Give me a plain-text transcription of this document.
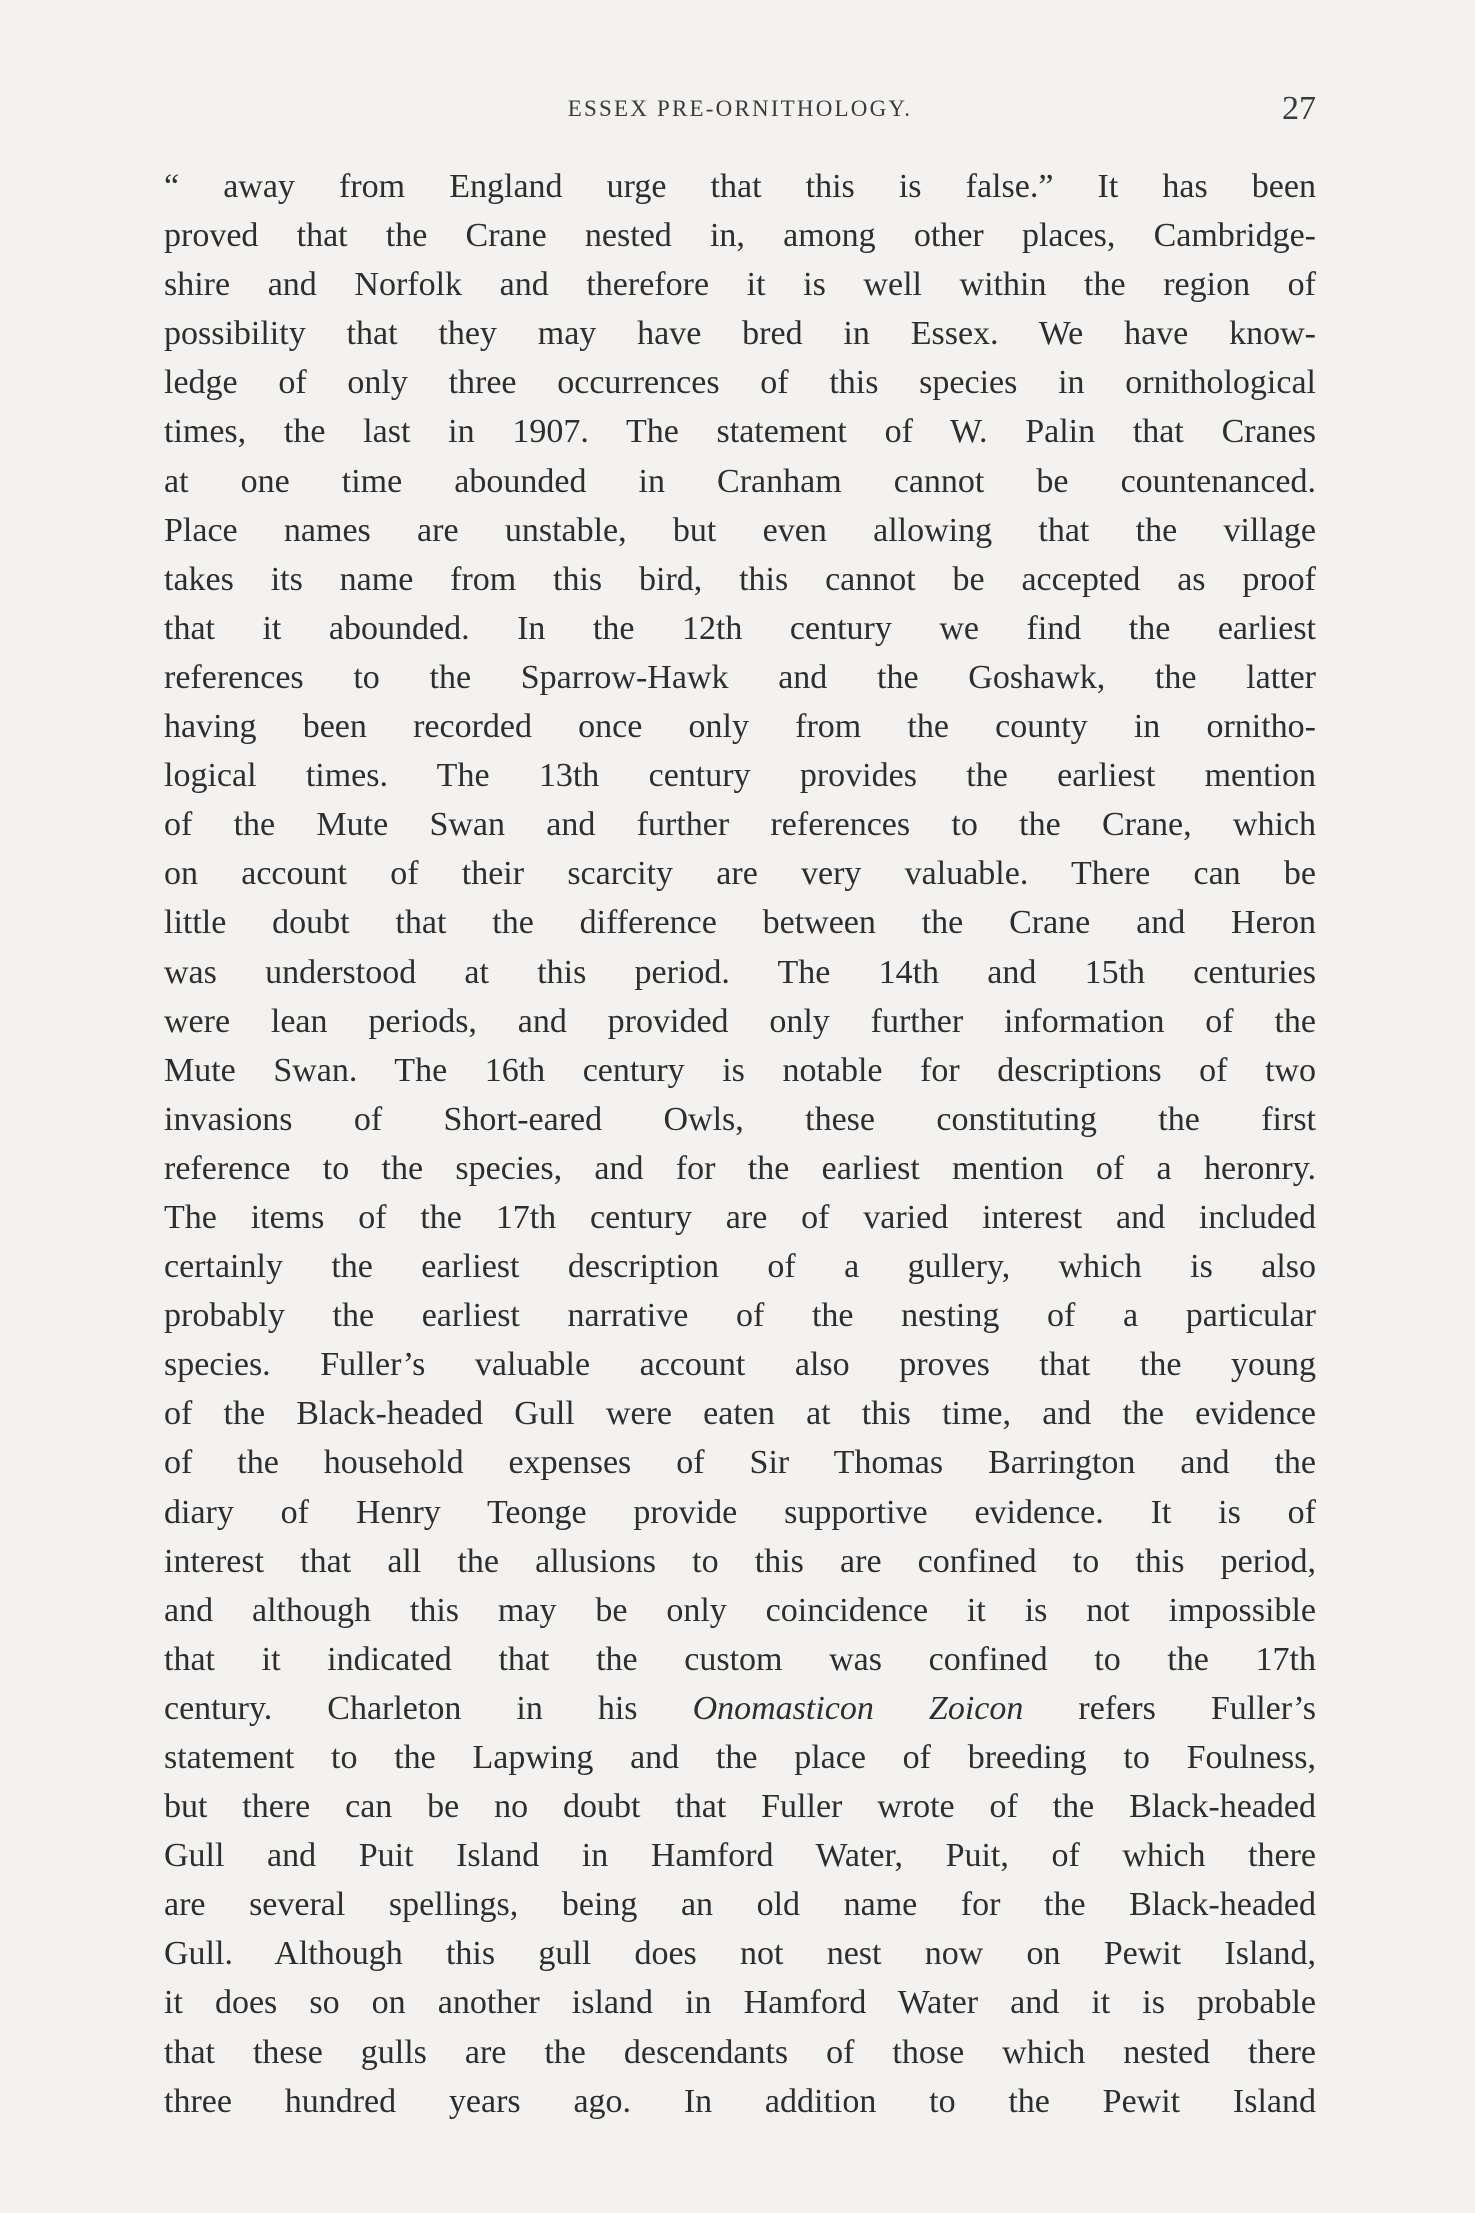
ESSEX PRE-ORNITHOLOGY.	27
“ away from England urge that this is false.” It has been
proved that the Crane nested in, among other places, Cambridge-
shire and Norfolk and therefore it is well within the region of
possibility that they may have bred in Essex. We have know-
ledge of only three occurrences of this species in ornithological
times, the last in 1907. The statement of W. Palin that Cranes
at one time abounded in Cranham cannot be countenanced.
Place names are unstable, but even allowing that the village
takes its name from this bird, this cannot be accepted as proof
that it abounded. In the 12th century we find the earliest
references to the Sparrow-Hawk and the Goshawk, the latter
having been recorded once only from the county in ornitho-
logical times. The 13th century provides the earliest mention
of the Mute Swan and further references to the Crane, which
on account of their scarcity are very valuable. There can be
little doubt that the difference between the Crane and Heron
was understood at this period. The 14th and 15th centuries
were lean periods, and provided only further information of the
Mute Swan. The 16th century is notable for descriptions of two
invasions of Short-eared Owls, these constituting the first
reference to the species, and for the earliest mention of a heronry.
The items of the 17th century are of varied interest and included
certainly the earliest description of a gullery, which is also
probably the earliest narrative of the nesting of a particular
species. Fuller’s valuable account also proves that the young
of the Black-headed Gull were eaten at this time, and the evidence
of the household expenses of Sir Thomas Barrington and the
diary of Henry Teonge provide supportive evidence. It is of
interest that all the allusions to this are confined to this period,
and although this may be only coincidence it is not impossible
that it indicated that the custom was confined to the 17th
century. Charleton in his Onomasticon Zoicon refers Fuller’s
statement to the Lapwing and the place of breeding to Foulness,
but there can be no doubt that Fuller wrote of the Black-headed
Gull and Puit Island in Hamford Water, Puit, of which there
are several spellings, being an old name for the Black-headed
Gull. Although this gull does not nest now on Pewit Island,
it does so on another island in Hamford Water and it is probable
that these gulls are the descendants of those which nested there
three hundred years ago. In addition to the Pewit Island
